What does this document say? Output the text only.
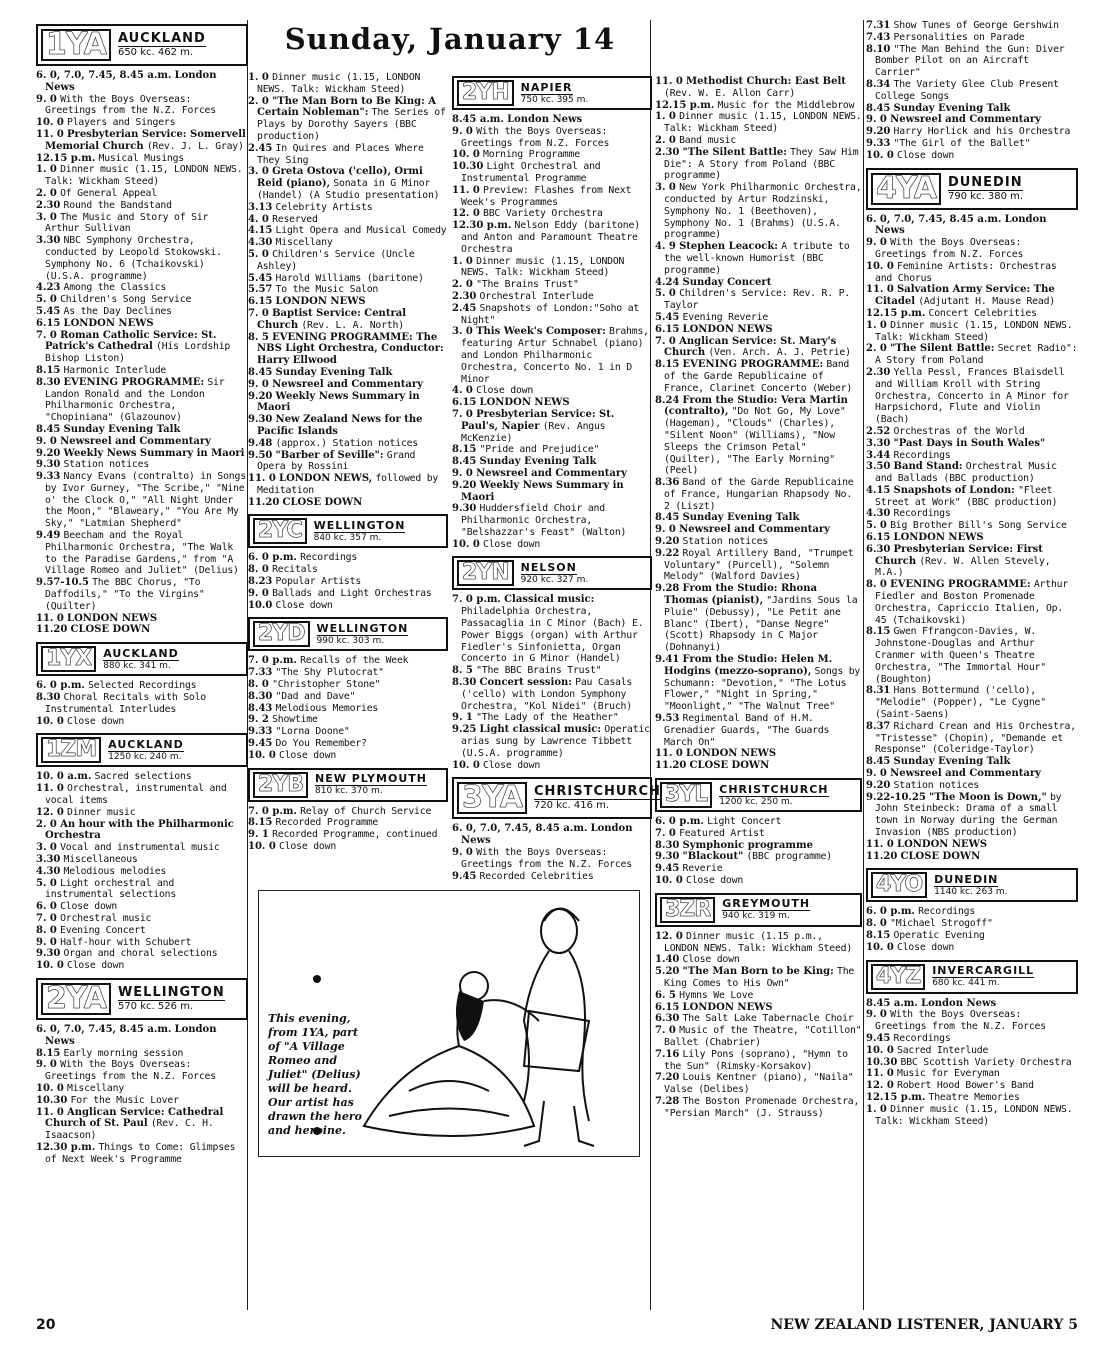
Sunday, January 14
1YA AUCKLAND
650 kc. 462 m.

6. 0, 7.0, 7.45, 8.45 a.m. London News

9. 0 With the Boys Overseas: Greetings from the N.Z. Forces

10. 0 Players and Singers

11. 0 Presbyterian Service: Somervell Memorial Church (Rev. J. L. Gray)

12.15 p.m. Musical Musings

1. 0 Dinner music (1.15, LONDON NEWS. Talk: Wickham Steed)

2. 0 Of General Appeal

2.30 Round the Bandstand

3. 0 The Music and Story of Sir Arthur Sullivan

3.30 NBC Symphony Orchestra, conducted by Leopold Stokowski. Symphony No. 6 (Tchaikovski) (U.S.A. programme)

4.23 Among the Classics

5. 0 Children's Song Service

5.45 As the Day Declines

6.15 LONDON NEWS

7. 0 Roman Catholic Service: St. Patrick's Cathedral (His Lordship Bishop Liston)

8.15 Harmonic Interlude

8.30 EVENING PROGRAMME: Sir Landon Ronald and the London Philharmonic Orchestra, "Chopiniana" (Glazounov)

8.45 Sunday Evening Talk

9. 0 Newsreel and Commentary

9.20 Weekly News Summary in Maori

9.30 Station notices

9.33 Nancy Evans (contralto) in Songs by Ivor Gurney, "The Scribe," "Nine o' the Clock O," "All Night Under the Moon," "Blaweary," "You Are My Sky," "Latmian Shepherd"

9.49 Beecham and the Royal Philharmonic Orchestra, "The Walk to the Paradise Gardens," from "A Village Romeo and Juliet" (Delius)

9.57-10.5 The BBC Chorus, "To Daffodils," "To the Virgins" (Quilter)

11. 0 LONDON NEWS

11.20 CLOSE DOWN

1YX	AUCKLAND
880 kc. 341 m.

6. 0 p.m. Selected Recordings

8.30 Choral Recitals with Solo Instrumental Interludes

10. 0 Close down

1ZM	AUCKLAND
1250 kc. 240 m.

10. 0 a.m. Sacred selections

11. 0 Orchestral, instrumental and vocal items

12. 0 Dinner music

2. 0 An hour with the Philharmonic Orchestra

3. 0 Vocal and instrumental music

3.30 Miscellaneous

4.30 Melodious melodies

5. 0 Light orchestral and instrumental selections

6. 0 Close down

7. 0 Orchestral music

8. 0 Evening Concert

9. 0 Half-hour with Schubert

9.30 Organ and choral selections

10. 0 Close down

2YA WELLINGTON
570 kc. 526 m.

6. 0, 7.0, 7.45, 8.45 a.m. London News

8.15 Early morning session

9. 0 With the Boys Overseas: Greetings from the N.Z. Forces

10. 0 Miscellany

10.30 For the Music Lover

11. 0 Anglican Service: Cathedral Church of St. Paul (Rev. C. H. Isaacson)

12.30 p.m. Things to Come: Glimpses of Next Week's Programme

1. 0 Dinner music (1.15, LONDON NEWS. Talk: Wickham Steed)

2. 0 "The Man Born to Be King: A Certain Nobleman": The Series of Plays by Dorothy Sayers (BBC production)

2.45 In Quires and Places Where They Sing

3. 0 Greta Ostova ('cello), Ormi Reid (piano), Sonata in G Minor (Handel) (A Studio presentation)

3.13 Celebrity Artists

4. 0 Reserved

4.15 Light Opera and Musical Comedy

4.30 Miscellany

5. 0 Children's Service (Uncle Ashley)

5.45 Harold Williams (baritone)

5.57 To the Music Salon

6.15 LONDON NEWS

7. 0 Baptist Service: Central Church (Rev. L. A. North)

8. 5 EVENING PROGRAMME: The NBS Light Orchestra, Conductor: Harry Ellwood

8.45 Sunday Evening Talk

9. 0 Newsreel and Commentary

9.20 Weekly News Summary in Maori

9.30 New Zealand News for the Pacific Islands

9.48 (approx.) Station notices

9.50 "Barber of Seville": Grand Opera by Rossini

11. 0 LONDON NEWS, followed by Meditation

11.20 CLOSE DOWN

2YC	WELLINGTON
840 kc. 357 m.

6. 0 p.m. Recordings

8. 0 Recitals

8.23 Popular Artists

9. 0 Ballads and Light Orchestras

10.0 Close down

2YD	WELLINGTON
990 kc. 303 m.

7. 0 p.m. Recalls of the Week

7.33 "The Shy Plutocrat"

8. 0 "Christopher Stone"

8.30 "Dad and Dave"

8.43 Melodious Memories

9. 2 Showtime

9.33 "Lorna Doone"

9.45 Do You Remember?

10. 0 Close down

2YB	NEW PLYMOUTH
810 kc. 370 m.

7. 0 p.m. Relay of Church Service

8.15 Recorded Programme

9. 1 Recorded Programme, continued

10. 0 Close down

2YH	NAPIER
750 kc. 395 m.

8.45 a.m. London News

9. 0 With the Boys Overseas: Greetings from N.Z. Forces

10. 0 Morning Programme

10.30 Light Orchestral and Instrumental Programme

11. 0 Preview: Flashes from Next Week's Programmes

12. 0 BBC Variety Orchestra

12.30 p.m. Nelson Eddy (baritone) and Anton and Paramount Theatre Orchestra

1. 0 Dinner music (1.15, LONDON NEWS. Talk: Wickham Steed)

2. 0 "The Brains Trust"

2.30 Orchestral Interlude

2.45 Snapshots of London:"Soho at Night"

3. 0 This Week's Composer: Brahms, featuring Artur Schnabel (piano) and London Philharmonic Orchestra, Concerto No. 1 in D Minor

4. 0 Close down

6.15 LONDON NEWS

7. 0 Presbyterian Service: St. Paul's, Napier (Rev. Angus McKenzie)

8.15 "Pride and Prejudice"

8.45 Sunday Evening Talk

9. 0 Newsreel and Commentary

9.20 Weekly News Summary in Maori

9.30 Huddersfield Choir and Philharmonic Orchestra, "Belshazzar's Feast" (Walton)

10. 0 Close down

2YN	NELSON
920 kc. 327 m.

7. 0 p.m. Classical music: Philadelphia Orchestra, Passacaglia in C Minor (Bach) E. Power Biggs (organ) with Arthur Fiedler's Sinfonietta, Organ Concerto in G Minor (Handel)

8. 5 "The BBC Brains Trust"

8.30 Concert session: Pau Casals ('cello) with London Symphony Orchestra, "Kol Nidei" (Bruch)

9. 1 "The Lady of the Heather"

9.25 Light classical music: Operatic arias sung by Lawrence Tibbett (U.S.A. programme)

10. 0 Close down

3YA CHRISTCHURCH
720 kc. 416 m.

6. 0, 7.0, 7.45, 8.45 a.m. London News

9. 0 With the Boys Overseas: Greetings from the N.Z. Forces

9.45 Recorded Celebrities

This evening, from 1YA, part of "A Village Romeo and Juliet" (Delius) will be heard. Our artist has drawn the hero and heroine.

11. 0 Methodist Church: East Belt (Rev. W. E. Allon Carr)

12.15 p.m. Music for the Middlebrow

1. 0 Dinner music (1.15, LONDON NEWS. Talk: Wickham Steed)

2. 0 Band music

2.30 "The Silent Battle: They Saw Him Die": A Story from Poland (BBC programme)

3. 0 New York Philharmonic Orchestra, conducted by Artur Rodzinski, Symphony No. 1 (Beethoven), Symphony No. 1 (Brahms) (U.S.A. programme)

4. 9 Stephen Leacock: A tribute to the well-known Humorist (BBC programme)

4.24 Sunday Concert

5. 0 Children's Service: Rev. R. P. Taylor

5.45 Evening Reverie

6.15 LONDON NEWS

7. 0 Anglican Service: St. Mary's Church (Ven. Arch. A. J. Petrie)

8.15 EVENING PROGRAMME: Band of the Garde Republicaine of France, Clarinet Concerto (Weber)

8.24 From the Studio: Vera Martin (contralto), "Do Not Go, My Love" (Hageman), "Clouds" (Charles), "Silent Noon" (Williams), "Now Sleeps the Crimson Petal" (Quilter), "The Early Morning" (Peel)

8.36 Band of the Garde Republicaine of France, Hungarian Rhapsody No. 2 (Liszt)

8.45 Sunday Evening Talk

9. 0 Newsreel and Commentary

9.20 Station notices

9.22 Royal Artillery Band, "Trumpet Voluntary" (Purcell), "Solemn Melody" (Walford Davies)

9.28 From the Studio: Rhona Thomas (pianist), "Jardins Sous la Pluie" (Debussy), "Le Petit ane Blanc" (Ibert), "Danse Negre" (Scott) Rhapsody in C Major (Dohnanyi)

9.41 From the Studio: Helen M. Hodgins (mezzo-soprano), Songs by Schumann: "Devotion," "The Lotus Flower," "Night in Spring," "Moonlight," "The Walnut Tree"

9.53 Regimental Band of H.M. Grenadier Guards, "The Guards March On"

11. 0 LONDON NEWS

11.20 CLOSE DOWN

3YL	CHRISTCHURCH
1200 kc. 250 m.

6. 0 p.m. Light Concert

7. 0 Featured Artist

8.30 Symphonic programme

9.30 "Blackout" (BBC programme)

9.45 Reverie

10. 0 Close down

3ZR	GREYMOUTH
940 kc. 319 m.

12. 0 Dinner music (1.15 p.m., LONDON NEWS. Talk: Wickham Steed)

1.40 Close down

5.20 "The Man Born to be King: The King Comes to His Own"

6. 5 Hymns We Love

6.15 LONDON NEWS

6.30 The Salt Lake Tabernacle Choir

7. 0 Music of the Theatre, "Cotillon" Ballet (Chabrier)

7.16 Lily Pons (soprano), "Hymn to the Sun" (Rimsky-Korsakov)

7.20 Louis Kentner (piano), "Naila" Valse (Delibes)

7.28 The Boston Promenade Orchestra, "Persian March" (J. Strauss)

7.31 Show Tunes of George Gershwin

7.43 Personalities on Parade

8.10 "The Man Behind the Gun: Diver Bomber Pilot on an Aircraft Carrier"

8.34 The Variety Glee Club Present College Songs

8.45 Sunday Evening Talk

9. 0 Newsreel and Commentary

9.20 Harry Horlick and his Orchestra

9.33 "The Girl of the Ballet"

10. 0 Close down

4YA DUNEDIN
790 kc. 380 m.

6. 0, 7.0, 7.45, 8.45 a.m. London News

9. 0 With the Boys Overseas: Greetings from N.Z. Forces

10. 0 Feminine Artists: Orchestras and Chorus

11. 0 Salvation Army Service: The Citadel (Adjutant H. Mause Read)

12.15 p.m. Concert Celebrities

1. 0 Dinner music (1.15, LONDON NEWS. Talk: Wickham Steed)

2. 0 "The Silent Battle: Secret Radio": A Story from Poland

2.30 Yella Pessl, Frances Blaisdell and William Kroll with String Orchestra, Concerto in A Minor for Harpsichord, Flute and Violin (Bach)

2.52 Orchestras of the World

3.30 "Past Days in South Wales"

3.44 Recordings

3.50 Band Stand: Orchestral Music and Ballads (BBC production)

4.15 Snapshots of London: "Fleet Street at Work" (BBC production)

4.30 Recordings

5. 0 Big Brother Bill's Song Service

6.15 LONDON NEWS

6.30 Presbyterian Service: First Church (Rev. W. Allen Stevely, M.A.)

8. 0 EVENING PROGRAMME: Arthur Fiedler and Boston Promenade Orchestra, Capriccio Italien, Op. 45 (Tchaikovski)

8.15 Gwen Ffrangcon-Davies, W. Johnstone-Douglas and Arthur Cranmer with Queen's Theatre Orchestra, "The Immortal Hour" (Boughton)

8.31 Hans Bottermund ('cello), "Melodie" (Popper), "Le Cygne" (Saint-Saens)

8.37 Richard Crean and His Orchestra, "Tristesse" (Chopin), "Demande et Response" (Coleridge-Taylor)

8.45 Sunday Evening Talk

9. 0 Newsreel and Commentary

9.20 Station notices

9.22-10.25 "The Moon is Down," by John Steinbeck: Drama of a small town in Norway during the German Invasion (NBS production)

11. 0 LONDON NEWS

11.20 CLOSE DOWN

4YO	DUNEDIN
1140 kc. 263 m.

6. 0 p.m. Recordings

8. 0 "Michael Strogoff"

8.15 Operatic Evening

10. 0 Close down

4YZ	INVERCARGILL
680 kc. 441 m.

8.45 a.m. London News

9. 0 With the Boys Overseas: Greetings from the N.Z. Forces

9.45 Recordings

10. 0 Sacred Interlude

10.30 BBC Scottish Variety Orchestra

11. 0 Music for Everyman

12. 0 Robert Hood Bower's Band

12.15 p.m. Theatre Memories

1. 0 Dinner music (1.15, LONDON NEWS. Talk: Wickham Steed)

20	NEW ZEALAND LISTENER, JANUARY 5
